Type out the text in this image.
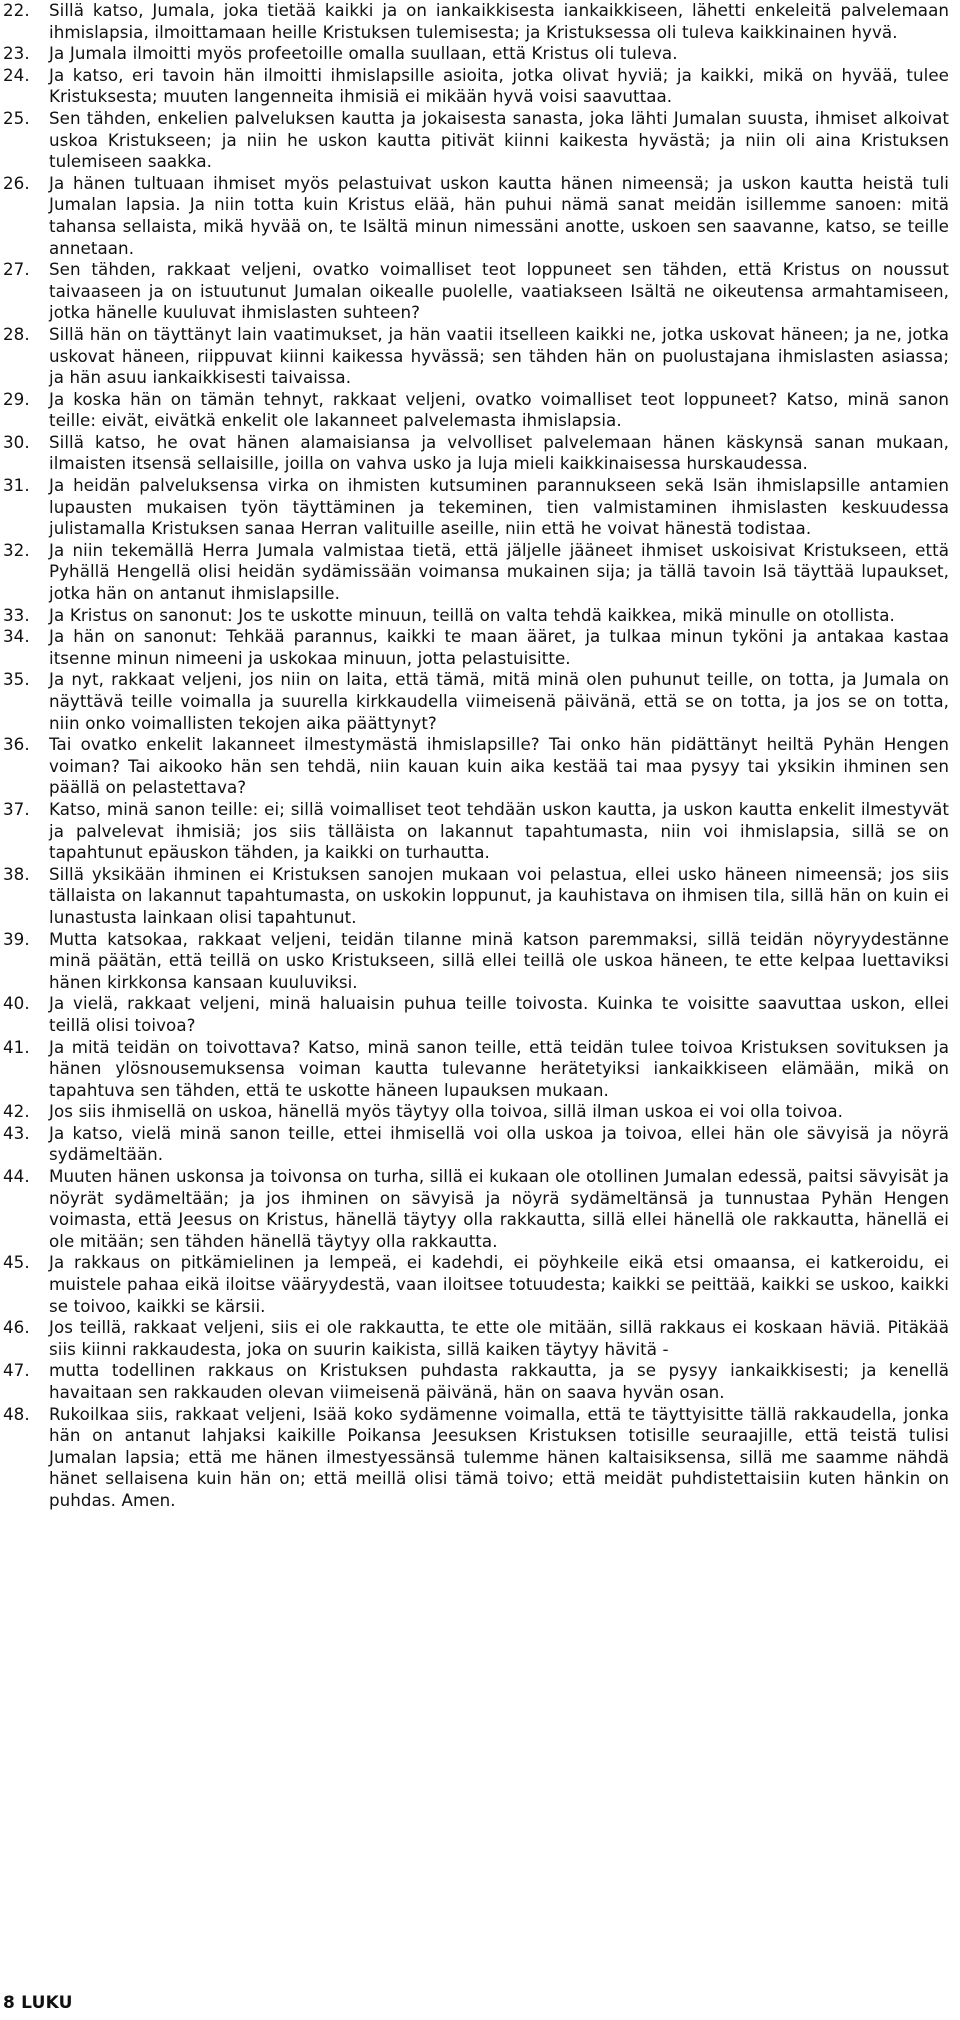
22.	Sillä katso, Jumala, joka tietää kaikki ja on iankaikkisesta iankaikkiseen, lähetti enkeleitä palvelemaan ihmislapsia, ilmoittamaan heille Kristuksen tulemisesta; ja Kristuksessa oli tuleva kaikkinainen hyvä.

23.	Ja Jumala ilmoitti myös profeetoille omalla suullaan, että Kristus oli tuleva.

24.	Ja katso, eri tavoin hän ilmoitti ihmislapsille asioita, jotka olivat hyviä; ja kaikki, mikä on hyvää, tulee Kristuksesta; muuten langenneita ihmisiä ei mikään hyvä voisi saavuttaa.

25.	Sen tähden, enkelien palveluksen kautta ja jokaisesta sanasta, joka lähti Jumalan suusta, ihmiset alkoivat uskoa Kristukseen; ja niin he uskon kautta pitivät kiinni kaikesta hyvästä; ja niin oli aina Kristuksen tulemiseen saakka.

26.	Ja hänen tultuaan ihmiset myös pelastuivat uskon kautta hänen nimeensä; ja uskon kautta heistä tuli Jumalan lapsia. Ja niin totta kuin Kristus elää, hän puhui nämä sanat meidän isillemme sanoen: mitä tahansa sellaista, mikä hyvää on, te Isältä minun nimessäni anotte, uskoen sen saavanne, katso, se teille annetaan.

27.	Sen tähden, rakkaat veljeni, ovatko voimalliset teot loppuneet sen tähden, että Kristus on noussut taivaaseen ja on istuutunut Jumalan oikealle puolelle, vaatiakseen Isältä ne oikeutensa armahtamiseen, jotka hänelle kuuluvat ihmislasten suhteen?

28.	Sillä hän on täyttänyt lain vaatimukset, ja hän vaatii itselleen kaikki ne, jotka uskovat häneen; ja ne, jotka uskovat häneen, riippuvat kiinni kaikessa hyvässä; sen tähden hän on puolustajana ihmislasten asiassa; ja hän asuu iankaikkisesti taivaissa.

29.	Ja koska hän on tämän tehnyt, rakkaat veljeni, ovatko voimalliset teot loppuneet? Katso, minä sanon teille: eivät, eivätkä enkelit ole lakanneet palvelemasta ihmislapsia.

30.	Sillä katso, he ovat hänen alamaisiansa ja velvolliset palvelemaan hänen käskynsä sanan mukaan, ilmaisten itsensä sellaisille, joilla on vahva usko ja luja mieli kaikkinaisessa hurskaudessa.

31.	Ja heidän palveluksensa virka on ihmisten kutsuminen parannukseen sekä Isän ihmislapsille antamien lupausten mukaisen työn täyttäminen ja tekeminen, tien valmistaminen ihmislasten keskuudessa julistamalla Kristuksen sanaa Herran valituille aseille, niin että he voivat hänestä todistaa.

32.	Ja niin tekemällä Herra Jumala valmistaa tietä, että jäljelle jääneet ihmiset uskoisivat Kristukseen, että Pyhällä Hengellä olisi heidän sydämissään voimansa mukainen sija; ja tällä tavoin Isä täyttää lupaukset, jotka hän on antanut ihmislapsille.

33.	Ja Kristus on sanonut: Jos te uskotte minuun, teillä on valta tehdä kaikkea, mikä minulle on otollista.

34.	Ja hän on sanonut: Tehkää parannus, kaikki te maan ääret, ja tulkaa minun tyköni ja antakaa kastaa itsenne minun nimeeni ja uskokaa minuun, jotta pelastuisitte.

35.	Ja nyt, rakkaat veljeni, jos niin on laita, että tämä, mitä minä olen puhunut teille, on totta, ja Jumala on näyttävä teille voimalla ja suurella kirkkaudella viimeisenä päivänä, että se on totta, ja jos se on totta, niin onko voimallisten tekojen aika päättynyt?

36.	Tai ovatko enkelit lakanneet ilmestymästä ihmislapsille? Tai onko hän pidättänyt heiltä Pyhän Hengen voiman? Tai aikooko hän sen tehdä, niin kauan kuin aika kestää tai maa pysyy tai yksikin ihminen sen päällä on pelastettava?

37.	Katso, minä sanon teille: ei; sillä voimalliset teot tehdään uskon kautta, ja uskon kautta enkelit ilmestyvät ja palvelevat ihmisiä; jos siis tälläista on lakannut tapahtumasta, niin voi ihmislapsia, sillä se on tapahtunut epäuskon tähden, ja kaikki on turhautta.

38.	Sillä yksikään ihminen ei Kristuksen sanojen mukaan voi pelastua, ellei usko häneen nimeensä; jos siis tällaista on lakannut tapahtumasta, on uskokin loppunut, ja kauhistava on ihmisen tila, sillä hän on kuin ei lunastusta lainkaan olisi tapahtunut.

39.	Mutta katsokaa, rakkaat veljeni, teidän tilanne minä katson paremmaksi, sillä teidän nöyryydestänne minä päätän, että teillä on usko Kristukseen, sillä ellei teillä ole uskoa häneen, te ette kelpaa luettaviksi hänen kirkkonsa kansaan kuuluviksi.

40.	Ja vielä, rakkaat veljeni, minä haluaisin puhua teille toivosta. Kuinka te voisitte saavuttaa uskon, ellei teillä olisi toivoa?

41.	Ja mitä teidän on toivottava? Katso, minä sanon teille, että teidän tulee toivoa Kristuksen sovituksen ja hänen ylösnousemuksensa voiman kautta tulevanne herätetyiksi iankaikkiseen elämään, mikä on tapahtuva sen tähden, että te uskotte häneen lupauksen mukaan.

42.	Jos siis ihmisellä on uskoa, hänellä myös täytyy olla toivoa, sillä ilman uskoa ei voi olla toivoa.

43.	Ja katso, vielä minä sanon teille, ettei ihmisellä voi olla uskoa ja toivoa, ellei hän ole sävyisä ja nöyrä sydämeltään.

44.	Muuten hänen uskonsa ja toivonsa on turha, sillä ei kukaan ole otollinen Jumalan edessä, paitsi sävyisät ja nöyrät sydämeltään; ja jos ihminen on sävyisä ja nöyrä sydämeltänsä ja tunnustaa Pyhän Hengen voimasta, että Jeesus on Kristus, hänellä täytyy olla rakkautta, sillä ellei hänellä ole rakkautta, hänellä ei ole mitään; sen tähden hänellä täytyy olla rakkautta.

45.	Ja rakkaus on pitkämielinen ja lempeä, ei kadehdi, ei pöyhkeile eikä etsi omaansa, ei katkeroidu, ei muistele pahaa eikä iloitse vääryydestä, vaan iloitsee totuudesta; kaikki se peittää, kaikki se uskoo, kaikki se toivoo, kaikki se kärsii.

46.	Jos teillä, rakkaat veljeni, siis ei ole rakkautta, te ette ole mitään, sillä rakkaus ei koskaan häviä. Pitäkää siis kiinni rakkaudesta, joka on suurin kaikista, sillä kaiken täytyy hävitä -

47.	mutta todellinen rakkaus on Kristuksen puhdasta rakkautta, ja se pysyy iankaikkisesti; ja kenellä havaitaan sen rakkauden olevan viimeisenä päivänä, hän on saava hyvän osan.

48.	Rukoilkaa siis, rakkaat veljeni, Isää koko sydämenne voimalla, että te täyttyisitte tällä rakkaudella, jonka hän on antanut lahjaksi kaikille Poikansa Jeesuksen Kristuksen totisille seuraajille, että teistä tulisi Jumalan lapsia; että me hänen ilmestyessänsä tulemme hänen kaltaisiksensa, sillä me saamme nähdä hänet sellaisena kuin hän on; että meillä olisi tämä toivo; että meidät puhdistettaisiin kuten hänkin on puhdas. Amen.

8 LUKU
